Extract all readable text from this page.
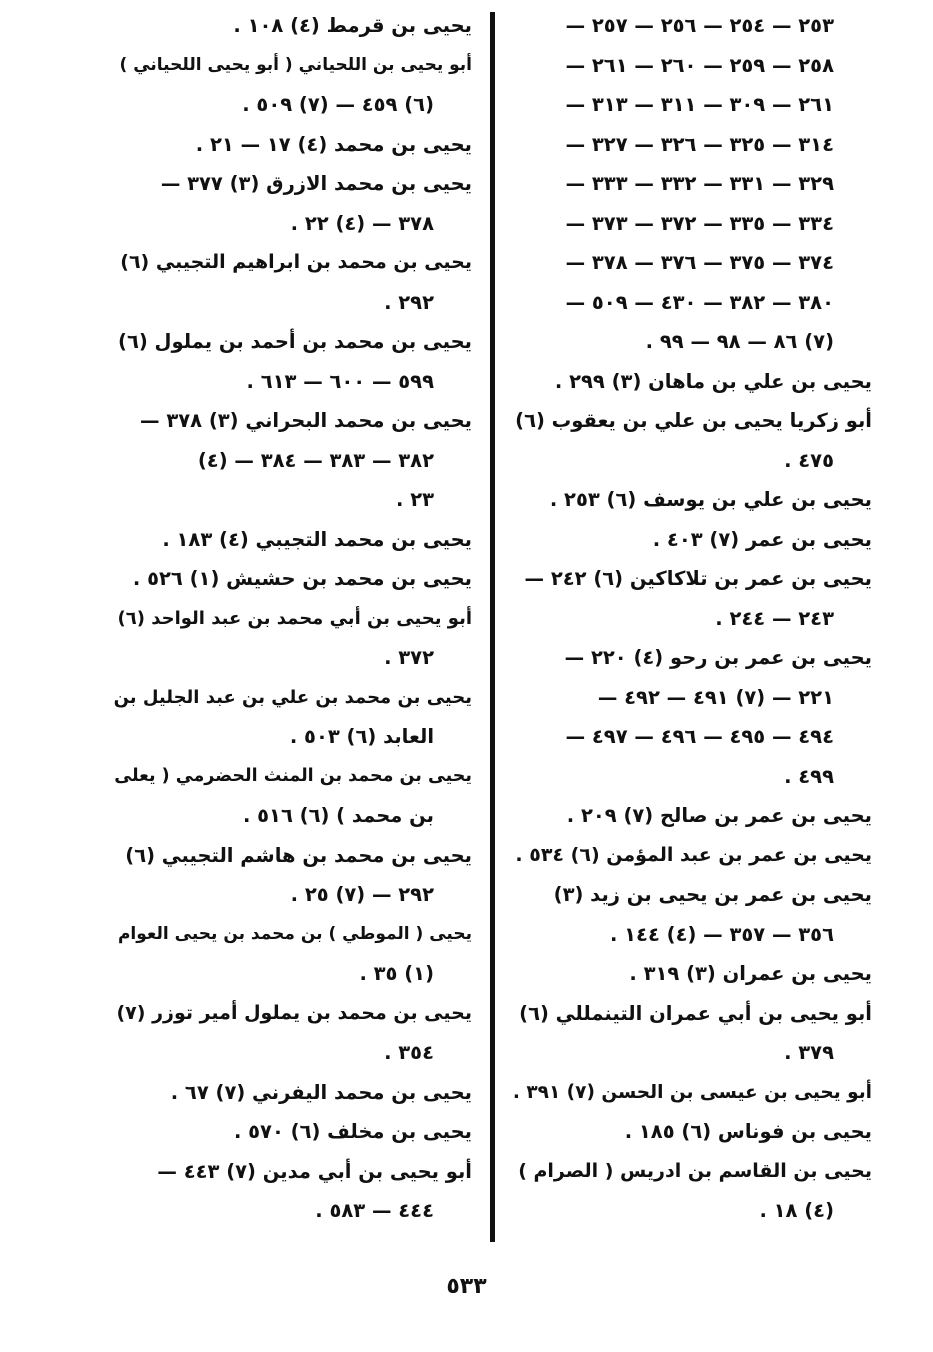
٢٥٣ — ٢٥٤ — ٢٥٦ — ٢٥٧ —
٢٥٨ — ٢٥٩ — ٢٦٠ — ٢٦١ —
٢٦١ — ٣٠٩ — ٣١١ — ٣١٣ —
٣١٤ — ٣٢٥ — ٣٢٦ — ٣٢٧ —
٣٢٩ — ٣٣١ — ٣٣٢ — ٣٣٣ —
٣٣٤ — ٣٣٥ — ٣٧٢ — ٣٧٣ —
٣٧٤ — ٣٧٥ — ٣٧٦ — ٣٧٨ —
٣٨٠ — ٣٨٢ — ٤٣٠ — ٥٠٩ —
(٧) ٨٦ — ٩٨ — ٩٩ .
يحيى بن علي بن ماهان (٣) ٢٩٩ .
أبو زكريا يحيى بن علي بن يعقوب (٦)
٤٧٥ .
يحيى بن علي بن يوسف (٦) ٢٥٣ .
يحيى بن عمر (٧) ٤٠٣ .
يحيى بن عمر بن تلاكاكين (٦) ٢٤٢ —
٢٤٣ — ٢٤٤ .
يحيى بن عمر بن رحو (٤) ٢٢٠ —
٢٢١ — (٧) ٤٩١ — ٤٩٢ —
٤٩٤ — ٤٩٥ — ٤٩٦ — ٤٩٧ —
٤٩٩ .
يحيى بن عمر بن صالح (٧) ٢٠٩ .
يحيى بن عمر بن عبد المؤمن (٦) ٥٣٤ .
يحيى بن عمر بن يحيى بن زيد (٣)
٣٥٦ — ٣٥٧ — (٤) ١٤٤ .
يحيى بن عمران (٣) ٣١٩ .
أبو يحيى بن أبي عمران التينمللي (٦)
٣٧٩ .
أبو يحيى بن عيسى بن الحسن (٧) ٣٩١ .
يحيى بن فوناس (٦) ١٨٥ .
يحيى بن القاسم بن ادريس ( الصرام )
(٤) ١٨ .
يحيى بن قرمط (٤) ١٠٨ .
أبو يحيى بن اللحياني ( أبو يحيى اللحياني )
(٦) ٤٥٩ — (٧) ٥٠٩ .
يحيى بن محمد (٤) ١٧ — ٢١ .
يحيى بن محمد الازرق (٣) ٣٧٧ —
٣٧٨ — (٤) ٢٢ .
يحيى بن محمد بن ابراهيم التجيبي (٦)
٢٩٢ .
يحيى بن محمد بن أحمد بن يملول (٦)
٥٩٩ — ٦٠٠ — ٦١٣ .
يحيى بن محمد البحراني (٣) ٣٧٨ —
٣٨٢ — ٣٨٣ — ٣٨٤ — (٤)
٢٣ .
يحيى بن محمد التجيبي (٤) ١٨٣ .
يحيى بن محمد بن حشيش (١) ٥٢٦ .
أبو يحيى بن أبي محمد بن عبد الواحد (٦)
٣٧٢ .
يحيى بن محمد بن علي بن عبد الجليل بن
العابد (٦) ٥٠٣ .
يحيى بن محمد بن المنث الحضرمي ( يعلى
بن محمد ) (٦) ٥١٦ .
يحيى بن محمد بن هاشم التجيبي (٦)
٢٩٢ — (٧) ٢٥ .
يحيى ( الموطي ) بن محمد بن يحيى العوام
(١) ٣٥ .
يحيى بن محمد بن يملول أمير توزر (٧)
٣٥٤ .
يحيى بن محمد اليفرني (٧) ٦٧ .
يحيى بن مخلف (٦) ٥٧٠ .
أبو يحيى بن أبي مدين (٧) ٤٤٣ —
٤٤٤ — ٥٨٣ .
٥٣٣
